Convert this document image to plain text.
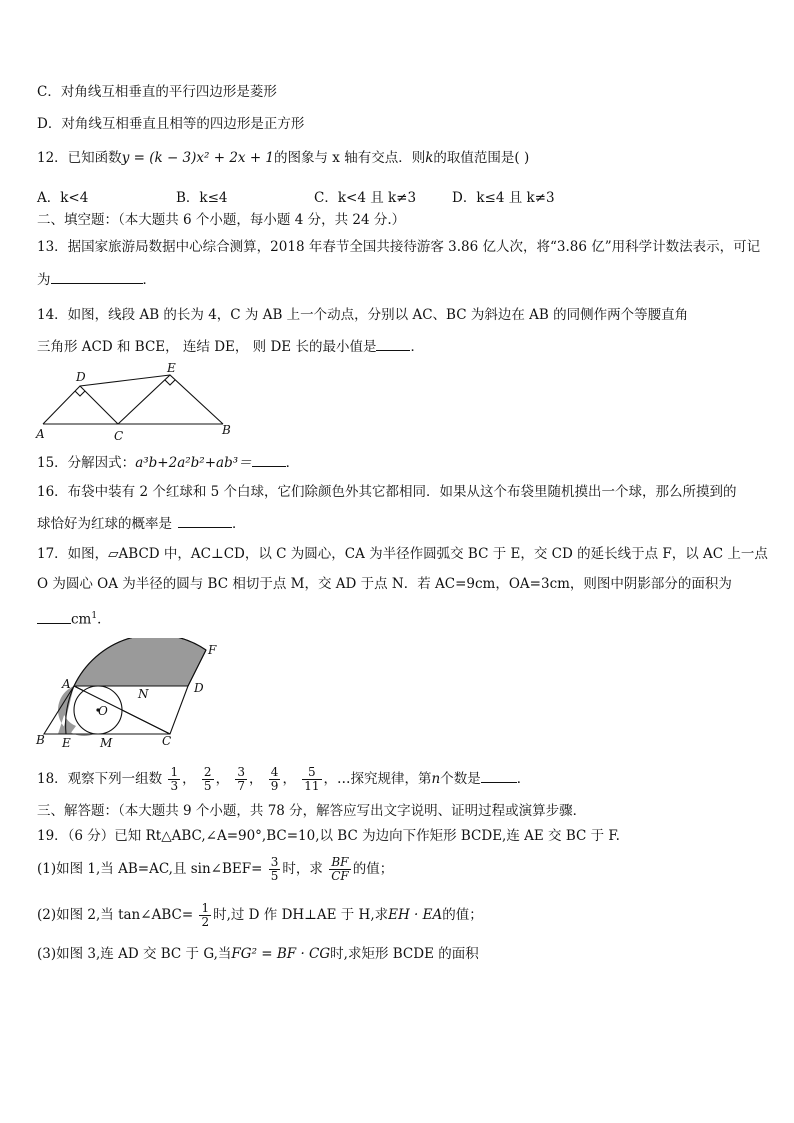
C．对角线互相垂直的平行四边形是菱形
D．对角线互相垂直且相等的四边形是正方形
12．已知函数y = (k − 3)x² + 2x + 1的图象与 x 轴有交点．则k的取值范围是( )
A．k<4	B．k≤4	C．k<4 且 k≠3	D．k≤4 且 k≠3
二、填空题：（本大题共 6 个小题，每小题 4 分，共 24 分.）
13．据国家旅游局数据中心综合测算，2018 年春节全国共接待游客 3.86 亿人次，将“3.86 亿”用科学计数法表示，可记
为	．
14．如图，线段 AB 的长为 4，C 为 AB 上一个动点，分别以 AC、BC 为斜边在 AB 的同侧作两个等腰直角
三角形 ACD 和 BCE， 连结 DE， 则 DE 长的最小值是	．
A
D
C
E
B
15．分解因式：a³b+2a²b²+ab³＝	．
16．布袋中装有 2 个红球和 5 个白球，它们除颜色外其它都相同．如果从这个布袋里随机摸出一个球，那么所摸到的
球恰好为红球的概率是	．
17．如图，▱ABCD 中，AC⊥CD，以 C 为圆心，CA 为半径作圆弧交 BC 于 E，交 CD 的延长线于点 F，以 AC 上一点
O 为圆心 OA 为半径的圆与 BC 相切于点 M，交 AD 于点 N．若 AC=9cm，OA=3cm，则图中阴影部分的面积为
$cm^1$．
A	D
F
N
O
B E M	C
18．观察下列一组数 $\frac{1}{3}$ ， $\frac{2}{5}$ ， $\frac{3}{7}$ ， $\frac{4}{9}$ ， $\frac{5}{11}$ ，…探究规律，第n个数是	．
三、解答题：（本大题共 9 个小题，共 78 分，解答应写出文字说明、证明过程或演算步骤．
19．（6 分）已知 Rt△ABC,∠A=90°,BC=10,以 BC 为边向下作矩形 BCDE,连 AE 交 BC 于 F.
(1)如图 1,当 AB=AC,且 sin∠BEF= $\frac{3}{5}$ 时，求 $\frac{BF}{CF}$ 的值；
(2)如图 2,当 tan∠ABC= $\frac{1}{2}$ 时,过 D 作 DH⊥AE 于 H,求EH · EA的值；
(3)如图 3,连 AD 交 BC 于 G,当FG² = BF · CG时,求矩形 BCDE 的面积
